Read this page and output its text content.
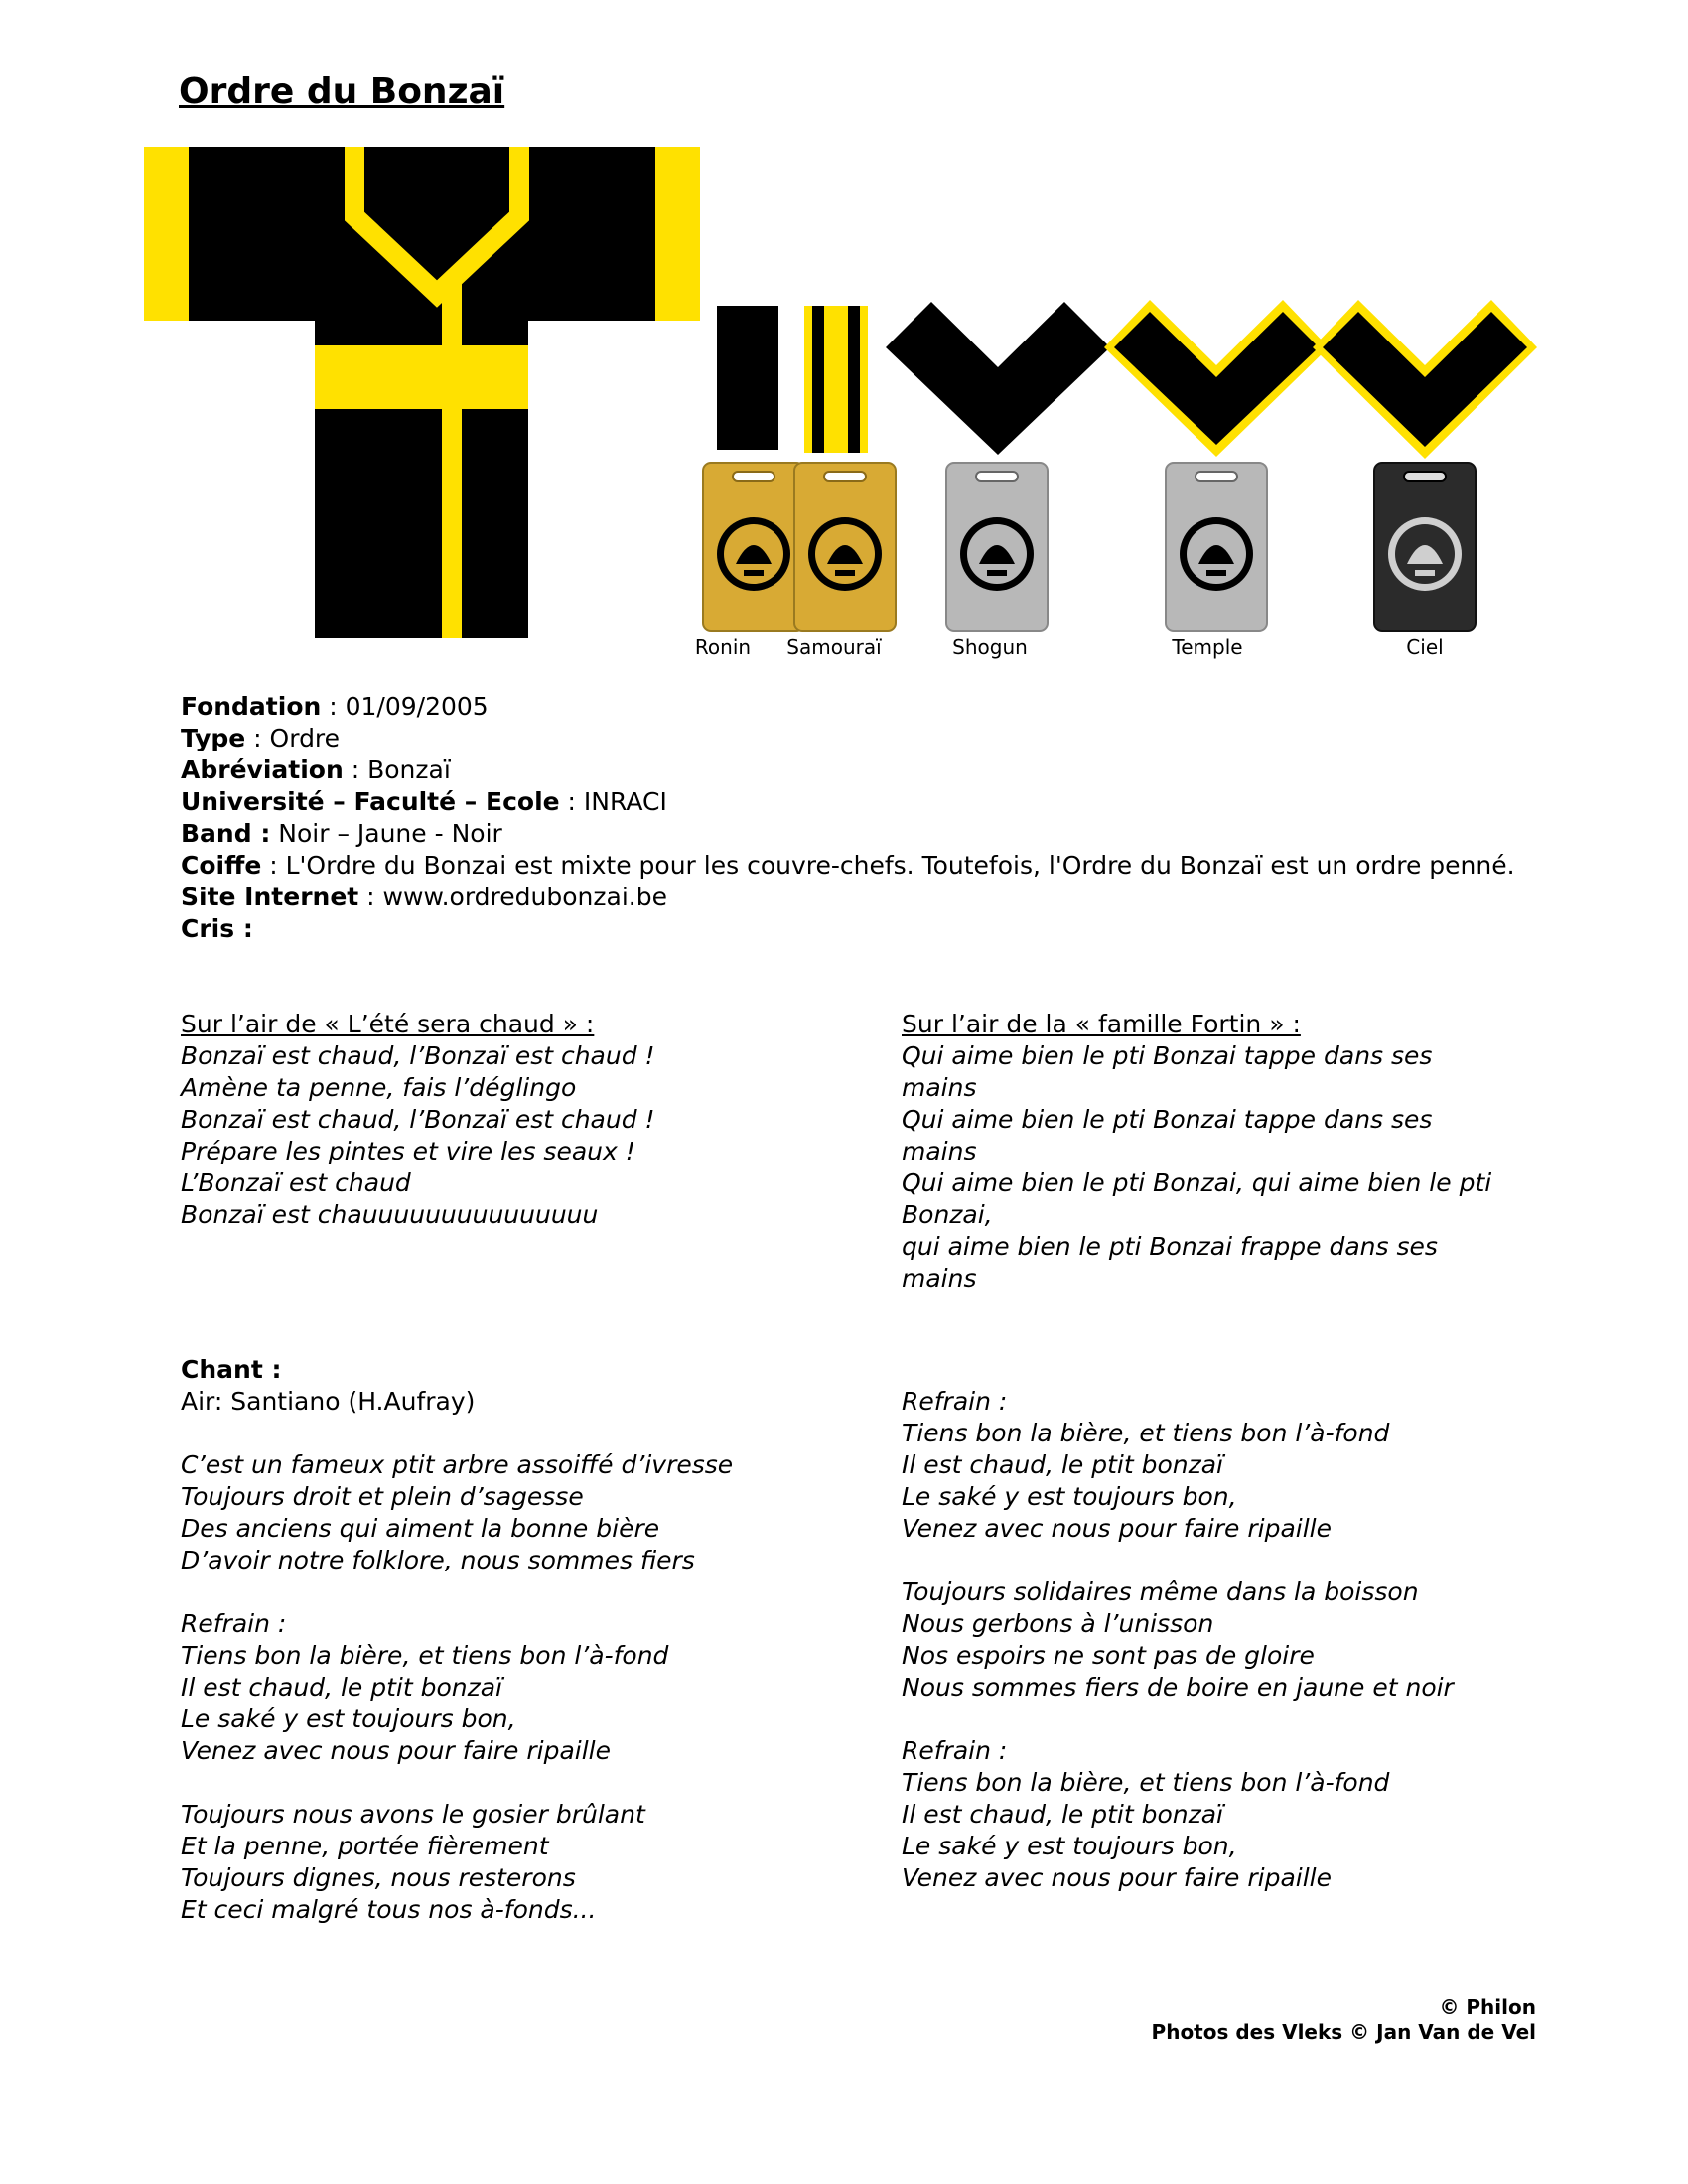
Ordre du Bonzaï
Ronin	Samouraï	Shogun	Temple	Ciel

Fondation : 01/09/2005

Type : Ordre

Abréviation : Bonzaï

Université – Faculté – Ecole : INRACI

Band : Noir – Jaune - Noir

Coiffe : L'Ordre du Bonzai est mixte pour les couvre-chefs. Toutefois, l'Ordre du Bonzaï est un ordre penné.

Site Internet : www.ordredubonzai.be

Cris :

Sur l’air de « L’été sera chaud » :

Bonzaï est chaud, l’Bonzaï est chaud !

Amène ta penne, fais l’déglingo

Bonzaï est chaud, l’Bonzaï est chaud !

Prépare les pintes et vire les seaux !

L’Bonzaï est chaud

Bonzaï est chauuuuuuuuuuuuuuu

Sur l’air de la « famille Fortin » :

Qui aime bien le pti Bonzai tappe dans ses

mains

Qui aime bien le pti Bonzai tappe dans ses

mains

Qui aime bien le pti Bonzai, qui aime bien le pti

Bonzai,

qui aime bien le pti Bonzai frappe dans ses

mains

Chant :

Air: Santiano (H.Aufray)

C’est un fameux ptit arbre assoiffé d’ivresse

Toujours droit et plein d’sagesse

Des anciens qui aiment la bonne bière

D’avoir notre folklore, nous sommes fiers

Refrain :

Tiens bon la bière, et tiens bon l’à-fond

Il est chaud, le ptit bonzaï

Le saké y est toujours bon,

Venez avec nous pour faire ripaille

Toujours nous avons le gosier brûlant

Et la penne, portée fièrement

Toujours dignes, nous resterons

Et ceci malgré tous nos à-fonds...

Refrain :

Tiens bon la bière, et tiens bon l’à-fond

Il est chaud, le ptit bonzaï

Le saké y est toujours bon,

Venez avec nous pour faire ripaille

Toujours solidaires même dans la boisson

Nous gerbons à l’unisson

Nos espoirs ne sont pas de gloire

Nous sommes fiers de boire en jaune et noir

Refrain :

Tiens bon la bière, et tiens bon l’à-fond

Il est chaud, le ptit bonzaï

Le saké y est toujours bon,

Venez avec nous pour faire ripaille

© Philon
Photos des Vleks © Jan Van de Vel
